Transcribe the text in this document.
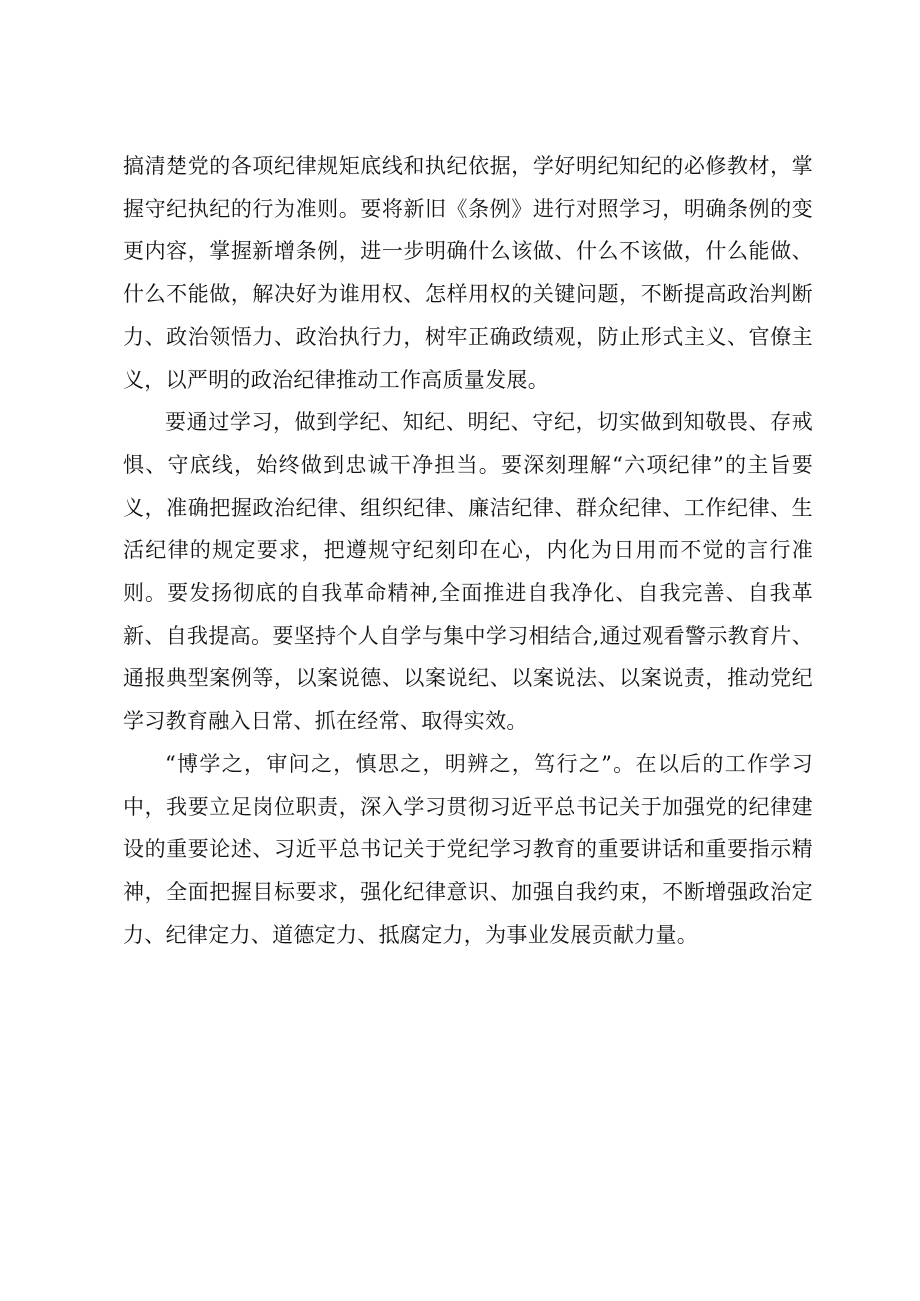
搞清楚党的各项纪律规矩底线和执纪依据，学好明纪知纪的必修教材，掌握守纪执纪的行为准则。要将新旧《条例》进行对照学习，明确条例的变更内容，掌握新增条例，进一步明确什么该做、什么不该做，什么能做、什么不能做，解决好为谁用权、怎样用权的关键问题，不断提高政治判断力、政治领悟力、政治执行力，树牢正确政绩观，防止形式主义、官僚主义，以严明的政治纪律推动工作高质量发展。

要通过学习，做到学纪、知纪、明纪、守纪，切实做到知敬畏、存戒惧、守底线，始终做到忠诚干净担当。要深刻理解“六项纪律”的主旨要义，准确把握政治纪律、组织纪律、廉洁纪律、群众纪律、工作纪律、生活纪律的规定要求，把遵规守纪刻印在心，内化为日用而不觉的言行准则。要发扬彻底的自我革命精神,全面推进自我净化、自我完善、自我革新、自我提高。要坚持个人自学与集中学习相结合,通过观看警示教育片、通报典型案例等，以案说德、以案说纪、以案说法、以案说责，推动党纪学习教育融入日常、抓在经常、取得实效。

“博学之，审问之，慎思之，明辨之，笃行之”。在以后的工作学习中，我要立足岗位职责，深入学习贯彻习近平总书记关于加强党的纪律建设的重要论述、习近平总书记关于党纪学习教育的重要讲话和重要指示精神，全面把握目标要求，强化纪律意识、加强自我约束，不断增强政治定力、纪律定力、道德定力、抵腐定力，为事业发展贡献力量。
